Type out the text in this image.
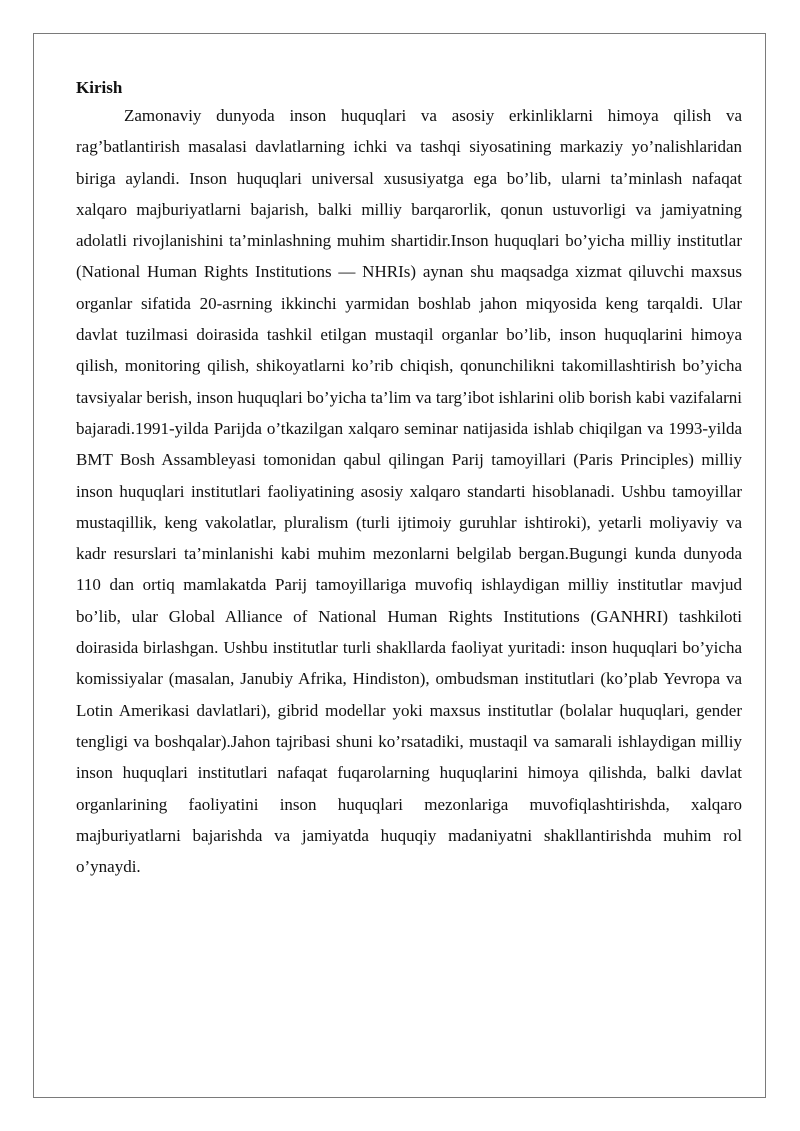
Kirish

Zamonaviy dunyoda inson huquqlari va asosiy erkinliklarni himoya qilish va rag’batlantirish masalasi davlatlarning ichki va tashqi siyosatining markaziy yo’nalishlaridan biriga aylandi. Inson huquqlari universal xususiyatga ega bo’lib, ularni ta’minlash nafaqat xalqaro majburiyatlarni bajarish, balki milliy barqarorlik, qonun ustuvorligi va jamiyatning adolatli rivojlanishini ta’minlashning muhim shartidir.Inson huquqlari bo’yicha milliy institutlar (National Human Rights Institutions — NHRIs) aynan shu maqsadga xizmat qiluvchi maxsus organlar sifatida 20-asrning ikkinchi yarmidan boshlab jahon miqyosida keng tarqaldi. Ular davlat tuzilmasi doirasida tashkil etilgan mustaqil organlar bo’lib, inson huquqlarini himoya qilish, monitoring qilish, shikoyatlarni ko’rib chiqish, qonunchilikni takomillashtirish bo’yicha tavsiyalar berish, inson huquqlari bo’yicha ta’lim va targ’ibot ishlarini olib borish kabi vazifalarni bajaradi.1991-yilda Parijda o’tkazilgan xalqaro seminar natijasida ishlab chiqilgan va 1993-yilda BMT Bosh Assambleyasi tomonidan qabul qilingan Parij tamoyillari (Paris Principles) milliy inson huquqlari institutlari faoliyatining asosiy xalqaro standarti hisoblanadi. Ushbu tamoyillar mustaqillik, keng vakolatlar, pluralism (turli ijtimoiy guruhlar ishtiroki), yetarli moliyaviy va kadr resurslari ta’minlanishi kabi muhim mezonlarni belgilab bergan.Bugungi kunda dunyoda 110 dan ortiq mamlakatda Parij tamoyillariga muvofiq ishlaydigan milliy institutlar mavjud bo’lib, ular Global Alliance of National Human Rights Institutions (GANHRI) tashkiloti doirasida birlashgan. Ushbu institutlar turli shakllarda faoliyat yuritadi: inson huquqlari bo’yicha komissiyalar (masalan, Janubiy Afrika, Hindiston), ombudsman institutlari (ko’plab Yevropa va Lotin Amerikasi davlatlari), gibrid modellar yoki maxsus institutlar (bolalar huquqlari, gender tengligi va boshqalar).Jahon tajribasi shuni ko’rsatadiki, mustaqil va samarali ishlaydigan milliy inson huquqlari institutlari nafaqat fuqarolarning huquqlarini himoya qilishda, balki davlat organlarining faoliyatini inson huquqlari mezonlariga muvofiqlashtirishda, xalqaro majburiyatlarni bajarishda va jamiyatda huquqiy madaniyatni shakllantirishda muhim rol o’ynaydi.
